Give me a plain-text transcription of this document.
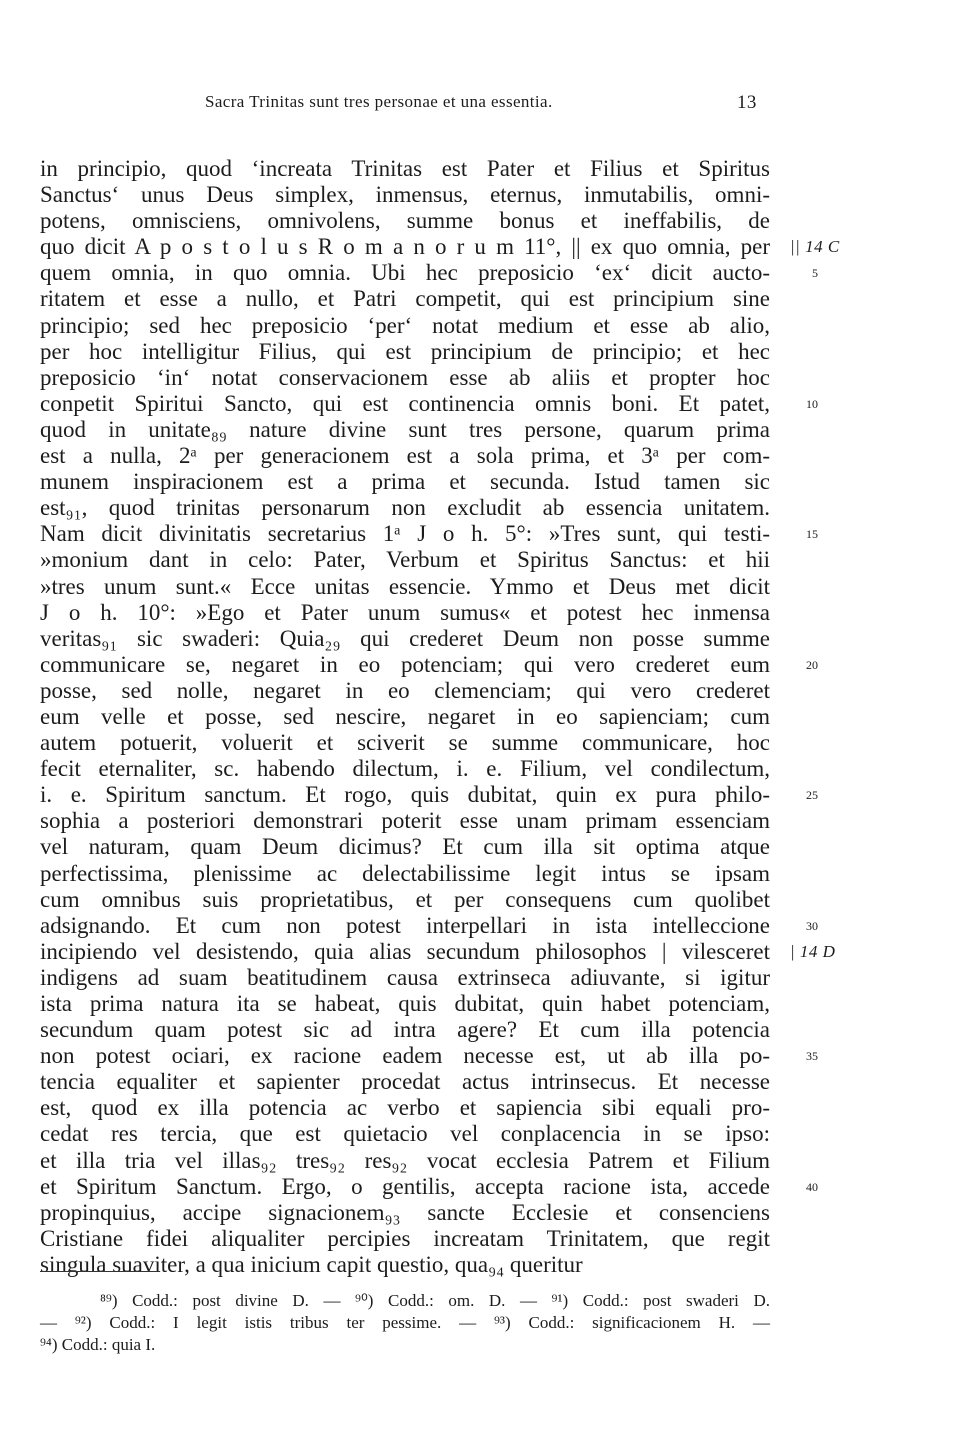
Sacra Trinitas sunt tres personae et una essentia.	13
in principio, quod ‘increata Trinitas est Pater et Filius et Spiritus
Sanctus‘ unus Deus simplex, inmensus, eternus, inmutabilis, omni-
potens, omnisciens, omnivolens, summe bonus et ineffabilis, de
quo dicit A p o s t o l u s R o m a n o r u m 11°, || ex quo omnia, per || 14 C
quem omnia, in quo omnia. Ubi hec preposicio ‘ex‘ dicit aucto-	5
ritatem et esse a nullo, et Patri competit, qui est principium sine
principio; sed hec preposicio ‘per‘ notat medium et esse ab alio,
per hoc intelligitur Filius, qui est principium de principio; et hec
preposicio ‘in‘ notat conservacionem esse ab aliis et propter hoc
conpetit Spiritui Sancto, qui est continencia omnis boni. Et patet,	10
quod in unitate₈₉ nature divine sunt tres persone, quarum prima
est a nulla, 2ᵃ per generacionem est a sola prima, et 3ᵃ per com-
munem inspiracionem est a prima et secunda. Istud tamen sic
est₉₁, quod trinitas personarum non excludit ab essencia unitatem.
Nam dicit divinitatis secretarius 1ᵃ J o h. 5°: »Tres sunt, qui testi-	15
»monium dant in celo: Pater, Verbum et Spiritus Sanctus: et hii
»tres unum sunt.« Ecce unitas essencie. Ymmo et Deus met dicit
J o h. 10°: »Ego et Pater unum sumus« et potest hec inmensa
veritas₉₁ sic swaderi: Quia₂₉ qui crederet Deum non posse summe
communicare se, negaret in eo potenciam; qui vero crederet eum	20
posse, sed nolle, negaret in eo clemenciam; qui vero crederet
eum velle et posse, sed nescire, negaret in eo sapienciam; cum
autem potuerit, voluerit et sciverit se summe communicare, hoc
fecit eternaliter, sc. habendo dilectum, i. e. Filium, vel condilectum,
i. e. Spiritum sanctum. Et rogo, quis dubitat, quin ex pura philo-	25
sophia a posteriori demonstrari poterit esse unam primam essenciam
vel naturam, quam Deum dicimus? Et cum illa sit optima atque
perfectissima, plenissime ac delectabilissime legit intus se ipsam
cum omnibus suis proprietatibus, et per consequens cum quolibet
adsignando. Et cum non potest interpellari in ista intelleccione	30
incipiendo vel desistendo, quia alias secundum philosophos | vilesceret | 14 D
indigens ad suam beatitudinem causa extrinseca adiuvante, si igitur
ista prima natura ita se habeat, quis dubitat, quin habet potenciam,
secundum quam potest sic ad intra agere? Et cum illa potencia
non potest ociari, ex racione eadem necesse est, ut ab illa po-	35
tencia equaliter et sapienter procedat actus intrinsecus. Et necesse
est, quod ex illa potencia ac verbo et sapiencia sibi equali pro-
cedat res tercia, que est quietacio vel conplacencia in se ipso:
et illa tria vel illas₉₂ tres₉₂ res₉₂ vocat ecclesia Patrem et Filium
et Spiritum Sanctum. Ergo, o gentilis, accepta racione ista, accede	40
propinquius, accipe signacionem₉₃ sancte Ecclesie et consenciens
Cristiane fidei aliqualiter percipies increatam Trinitatem, que regit
singula suaviter, a qua inicium capit questio, qua₉₄ queritur
⁸⁹) Codd.: post divine D. — ⁹⁰) Codd.: om. D. — ⁹¹) Codd.: post swaderi D.
— ⁹²) Codd.: I legit istis tribus ter pessime. — ⁹³) Codd.: significacionem H. —
⁹⁴) Codd.: quia I.
